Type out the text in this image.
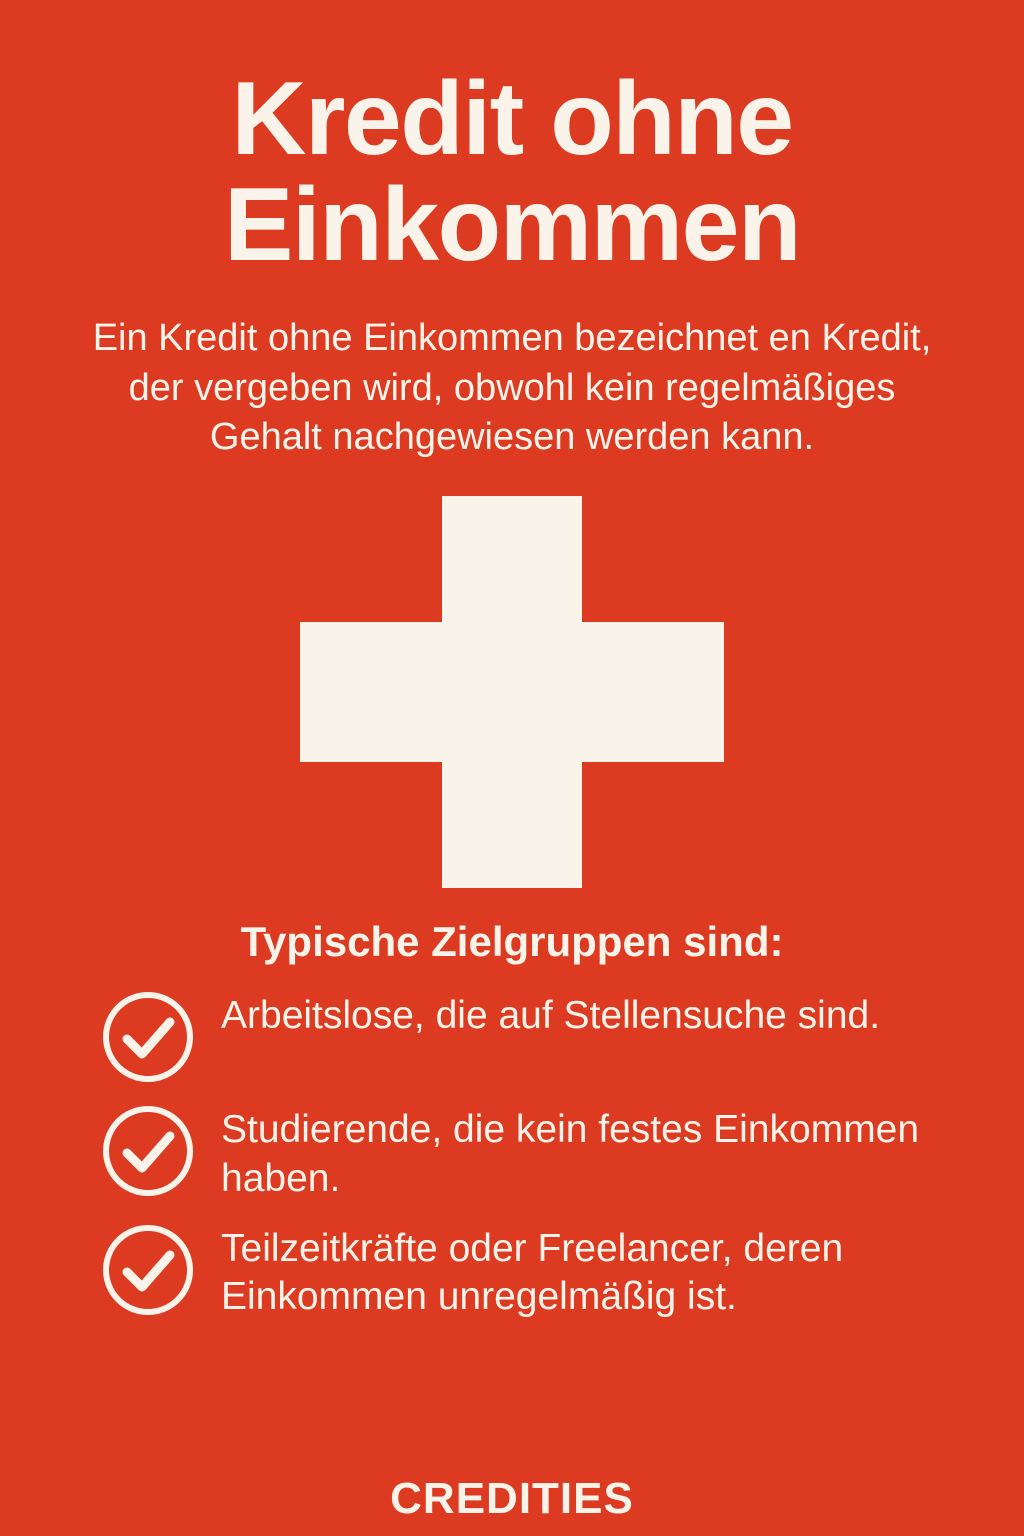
Kredit ohne Einkommen

Ein Kredit ohne Einkommen bezeichnet en Kredit, der vergeben wird, obwohl kein regelmäßiges Gehalt nachgewiesen werden kann.

Typische Zielgruppen sind:
Arbeitslose, die auf Stellensuche sind.
Studierende, die kein festes Einkommen haben.
Teilzeitkräfte oder Freelancer, deren Einkommen unregelmäßig ist.
CREDITIES
